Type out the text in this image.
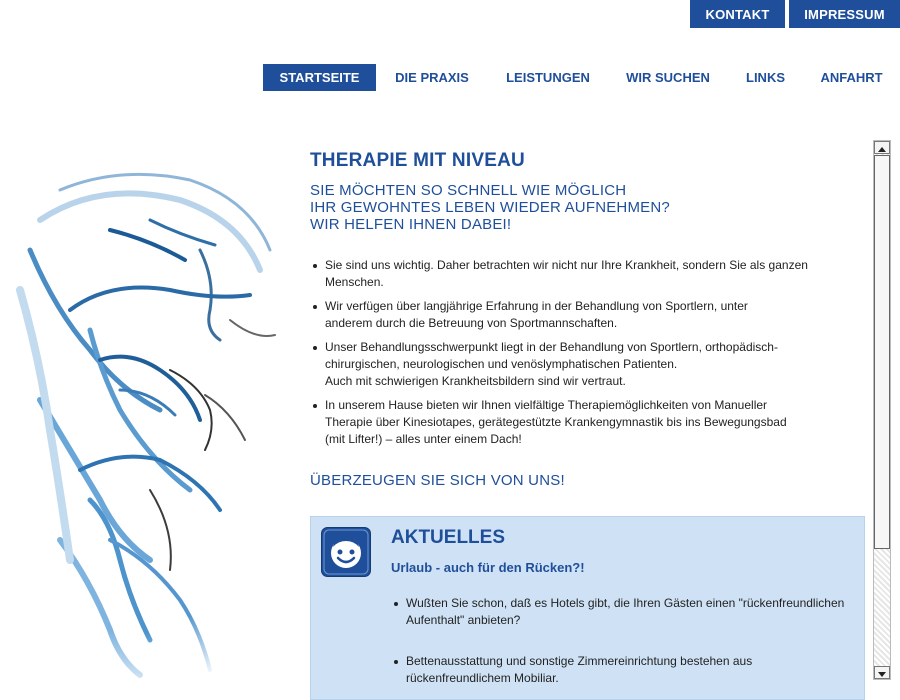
KONTAKT	IMPRESSUM
STARTSEITE	DIE PRAXIS	LEISTUNGEN	WIR SUCHEN	LINKS	ANFAHRT
THERAPIE MIT NIVEAU
SIE MÖCHTEN SO SCHNELL WIE MÖGLICH
IHR GEWOHNTES LEBEN WIEDER AUFNEHMEN?
WIR HELFEN IHNEN DABEI!
Sie sind uns wichtig. Daher betrachten wir nicht nur Ihre Krankheit, sondern Sie als ganzen
Menschen.
Wir verfügen über langjährige Erfahrung in der Behandlung von Sportlern, unter
anderem durch die Betreuung von Sportmannschaften.
Unser Behandlungsschwerpunkt liegt in der Behandlung von Sportlern, orthopädisch-
chirurgischen, neurologischen und venöslymphatischen Patienten.
Auch mit schwierigen Krankheitsbildern sind wir vertraut.
In unserem Hause bieten wir Ihnen vielfältige Therapiemöglichkeiten von Manueller
Therapie über Kinesiotapes, gerätegestützte Krankengymnastik bis ins Bewegungsbad
(mit Lifter!) – alles unter einem Dach!
ÜBERZEUGEN SIE SICH VON UNS!
AKTUELLES
Urlaub - auch für den Rücken?!
Wußten Sie schon, daß es Hotels gibt, die Ihren Gästen einen "rückenfreundlichen
Aufenthalt" anbieten?
Bettenausstattung und sonstige Zimmereinrichtung bestehen aus
rückenfreundlichem Mobiliar.
